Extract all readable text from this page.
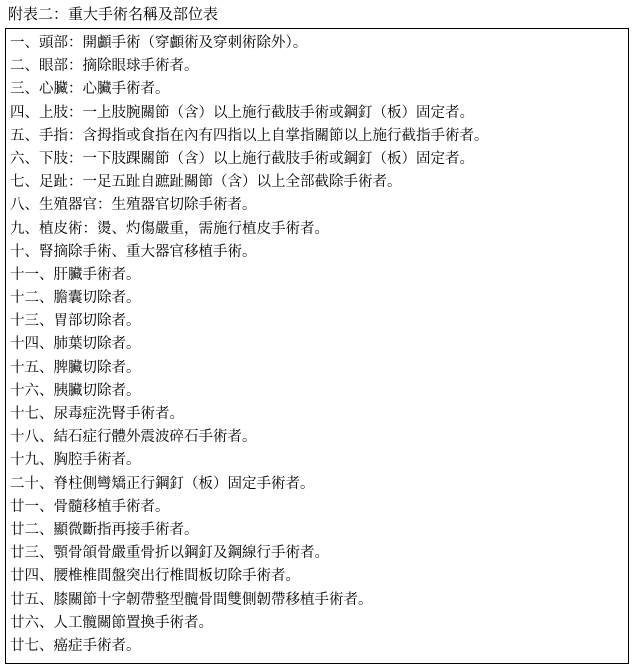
附表二：重大手術名稱及部位表
一、頭部：開顱手術（穿顱術及穿刺術除外）。
二、眼部：摘除眼球手術者。
三、心臟：心臟手術者。
四、上肢：一上肢腕關節（含）以上施行截肢手術或鋼釘（板）固定者。
五、手指：含拇指或食指在內有四指以上自掌指關節以上施行截指手術者。
六、下肢：一下肢踝關節（含）以上施行截肢手術或鋼釘（板）固定者。
七、足趾：一足五趾自蹠趾關節（含）以上全部截除手術者。
八、生殖器官：生殖器官切除手術者。
九、植皮術：燙、灼傷嚴重，需施行植皮手術者。
十、腎摘除手術、重大器官移植手術。
十一、肝臟手術者。
十二、膽囊切除者。
十三、胃部切除者。
十四、肺葉切除者。
十五、脾臟切除者。
十六、胰臟切除者。
十七、尿毒症洗腎手術者。
十八、結石症行體外震波碎石手術者。
十九、胸腔手術者。
二十、脊柱側彎矯正行鋼釘（板）固定手術者。
廿一、骨髓移植手術者。
廿二、顯微斷指再接手術者。
廿三、顎骨頜骨嚴重骨折以鋼釘及鋼線行手術者。
廿四、腰椎椎間盤突出行椎間板切除手術者。
廿五、膝關節十字韌帶整型髖骨間雙側韌帶移植手術者。
廿六、人工髖關節置換手術者。
廿七、癌症手術者。
